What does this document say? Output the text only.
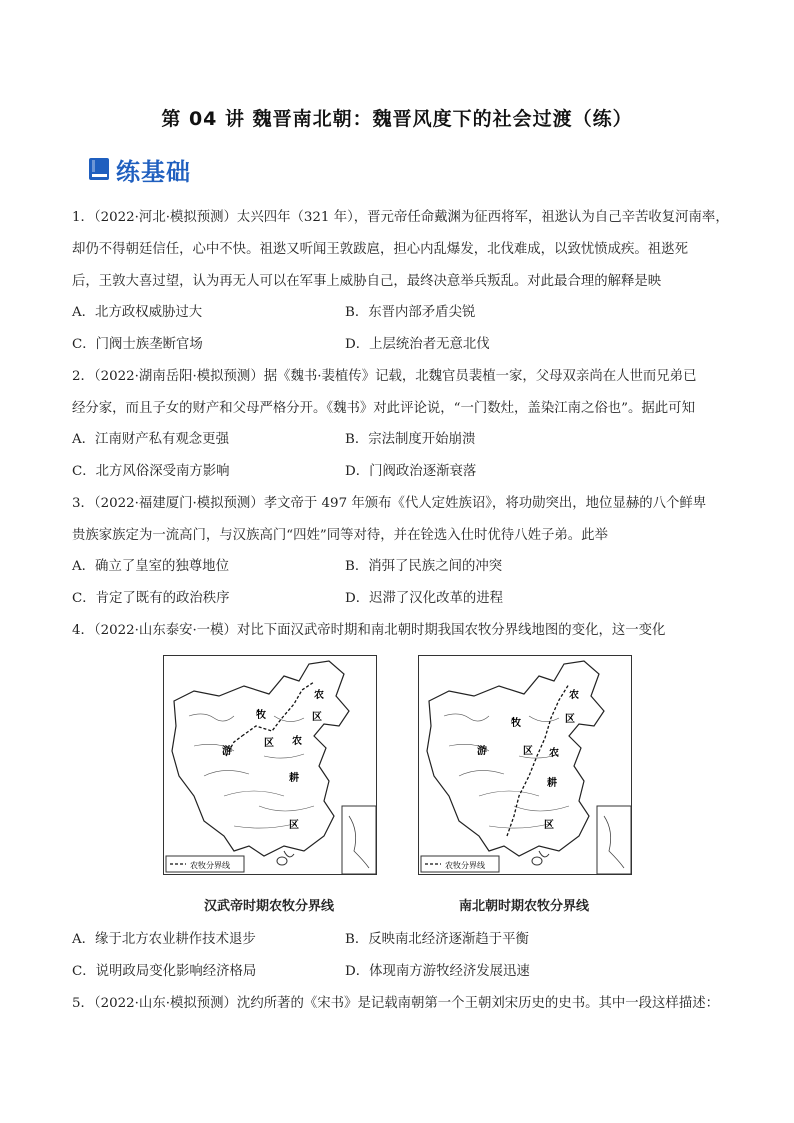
第 04 讲 魏晋南北朝：魏晋风度下的社会过渡（练）
练基础
1．（2022·河北·模拟预测）太兴四年（321 年），晋元帝任命戴渊为征西将军，祖逖认为自己辛苦收复河南率，
却仍不得朝廷信任，心中不快。祖逖又听闻王敦跋扈，担心内乱爆发，北伐难成，以致忧愤成疾。祖逖死
后，王敦大喜过望，认为再无人可以在军事上威胁自己，最终决意举兵叛乱。对此最合理的解释是映
A．北方政权威胁过大	B．东晋内部矛盾尖锐
C．门阀士族垄断官场	D．上层统治者无意北伐
2．（2022·湖南岳阳·模拟预测）据《魏书·裴植传》记载，北魏官员裴植一家，父母双亲尚在人世而兄弟已
经分家，而且子女的财产和父母严格分开。《魏书》对此评论说，“一门数灶，盖染江南之俗也”。据此可知
A．江南财产私有观念更强	B．宗法制度开始崩溃
C．北方风俗深受南方影响	D．门阀政治逐渐衰落
3．（2022·福建厦门·模拟预测）孝文帝于 497 年颁布《代人定姓族诏》，将功勋突出，地位显赫的八个鲜卑
贵族家族定为一流高门，与汉族高门“四姓”同等对待，并在铨选入仕时优待八姓子弟。此举
A．确立了皇室的独尊地位	B．消弭了民族之间的冲突
C．肯定了既有的政治秩序	D．迟滞了汉化改革的进程
4．（2022·山东泰安·一模）对比下面汉武帝时期和南北朝时期我国农牧分界线地图的变化，这一变化
农牧分界线
牧
游
区 农
耕
区
农
区
汉武帝时期农牧分界线
农牧分界线
牧
游	区 农
耕
区
农
区
南北朝时期农牧分界线
A．缘于北方农业耕作技术退步	B．反映南北经济逐渐趋于平衡
C．说明政局变化影响经济格局	D．体现南方游牧经济发展迅速
5．（2022·山东·模拟预测）沈约所著的《宋书》是记载南朝第一个王朝刘宋历史的史书。其中一段这样描述：
